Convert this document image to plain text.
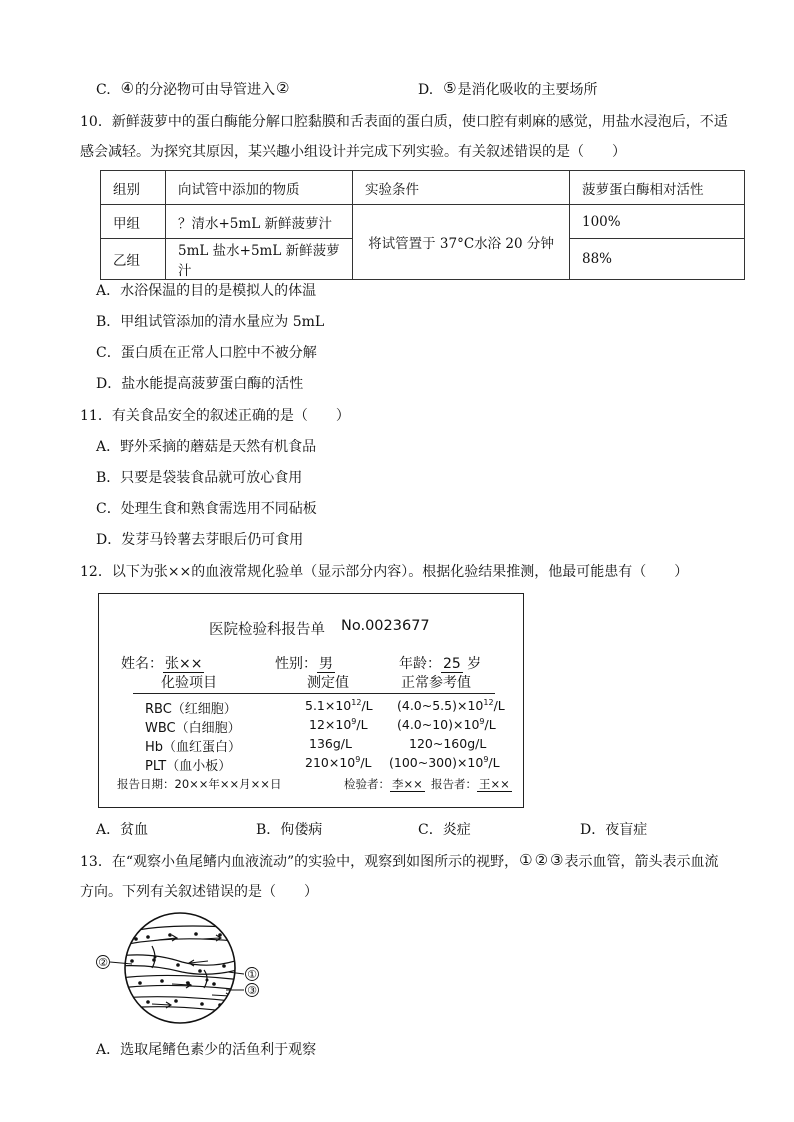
C. ④的分泌物可由导管进入②	D. ⑤是消化吸收的主要场所
10．新鲜菠萝中的蛋白酶能分解口腔黏膜和舌表面的蛋白质，使口腔有刺麻的感觉，用盐水浸泡后，不适
感会减轻。为探究其原因，某兴趣小组设计并完成下列实验。有关叙述错误的是（　　）
组别	向试管中添加的物质	实验条件	菠萝蛋白酶相对活性
甲组	？清水+5mL 新鲜菠萝汁	将试管置于 37°C水浴 20 分钟	100%
乙组	5mL 盐水+5mL 新鲜菠萝汁		88%
A．水浴保温的目的是模拟人的体温
B．甲组试管添加的清水量应为 5mL
C．蛋白质在正常人口腔中不被分解
D．盐水能提高菠萝蛋白酶的活性
11．有关食品安全的叙述正确的是（　　）
A．野外采摘的蘑菇是天然有机食品
B．只要是袋装食品就可放心食用
C．处理生食和熟食需选用不同砧板
D．发芽马铃薯去芽眼后仍可食用
12．以下为张××的血液常规化验单（显示部分内容）。根据化验结果推测，他最可能患有（　　）
医院检验科报告单 No.0023677
姓名： 张××	性别： 男	年龄： 25 岁
化验项目	测定值	正常参考值
RBC（红细胞）	$5.1\times 10^{12}/L$ $(4.0\sim 5.5)\times 10^{12}/L$
WBC（白细胞）	$12\times 10^9/L$ $(4.0\sim 10)\times 10^9/L$
Hb（血红蛋白）	136g/L	120~160g/L
PLT（血小板）	$210\times 10^9/L$ $(100\sim 300)\times 10^9/L$
报告日期：20××年××月××日	检验者： 李×× 报告者： 王××
A．贫血	B．佝偻病	C．炎症	D．夜盲症
13．在“观察小鱼尾鳍内血液流动”的实验中，观察到如图所示的视野，① ② ③表示血管，箭头表示血流
方向。下列有关叙述错误的是（　　）
②
①
③
A．选取尾鳍色素少的活鱼利于观察
